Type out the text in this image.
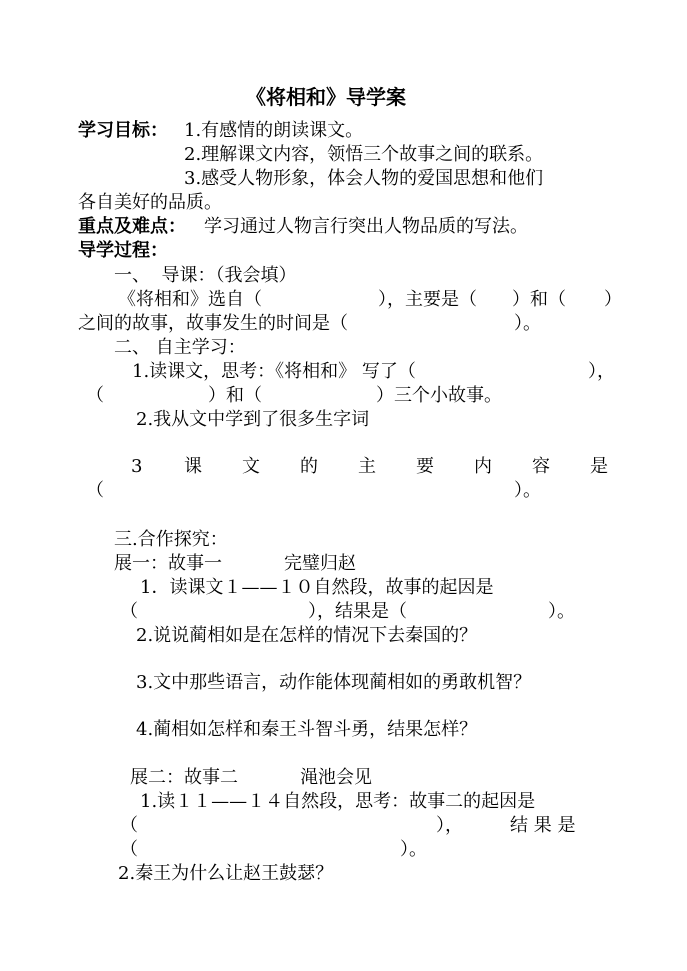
《将相和》导学案
学习目标： 1.有感情的朗读课文。
2.理解课文内容，领悟三个故事之间的联系。
3.感受人物形象，体会人物的爱国思想和他们
各自美好的品质。
重点及难点： 学习通过人物言行突出人物品质的写法。
导学过程：
一、  导课：（我会填）
《将相和》选自（	），主要是（ ）和（ ）
之间的故事，故事发生的时间是（	）。
二、 自主学习：
1.读课文，思考：《将相和》 写了（	），
（	）和（	）三个小故事。
2.我从文中学到了很多生字词
3 课 文 的 主 要 内 容 是
（	）。
三.合作探究：
展一：故事一	完璧归赵
1．读课文１——１０自然段，故事的起因是
（	），结果是（	）。
2.说说蔺相如是在怎样的情况下去秦国的？
3.文中那些语言，动作能体现蔺相如的勇敢机智？
4.蔺相如怎样和秦王斗智斗勇，结果怎样？
展二：故事二	渑池会见
1.读１１——１４自然段，思考：故事二的起因是
（	），	结 果 是
（	）。
2.秦王为什么让赵王鼓瑟？
